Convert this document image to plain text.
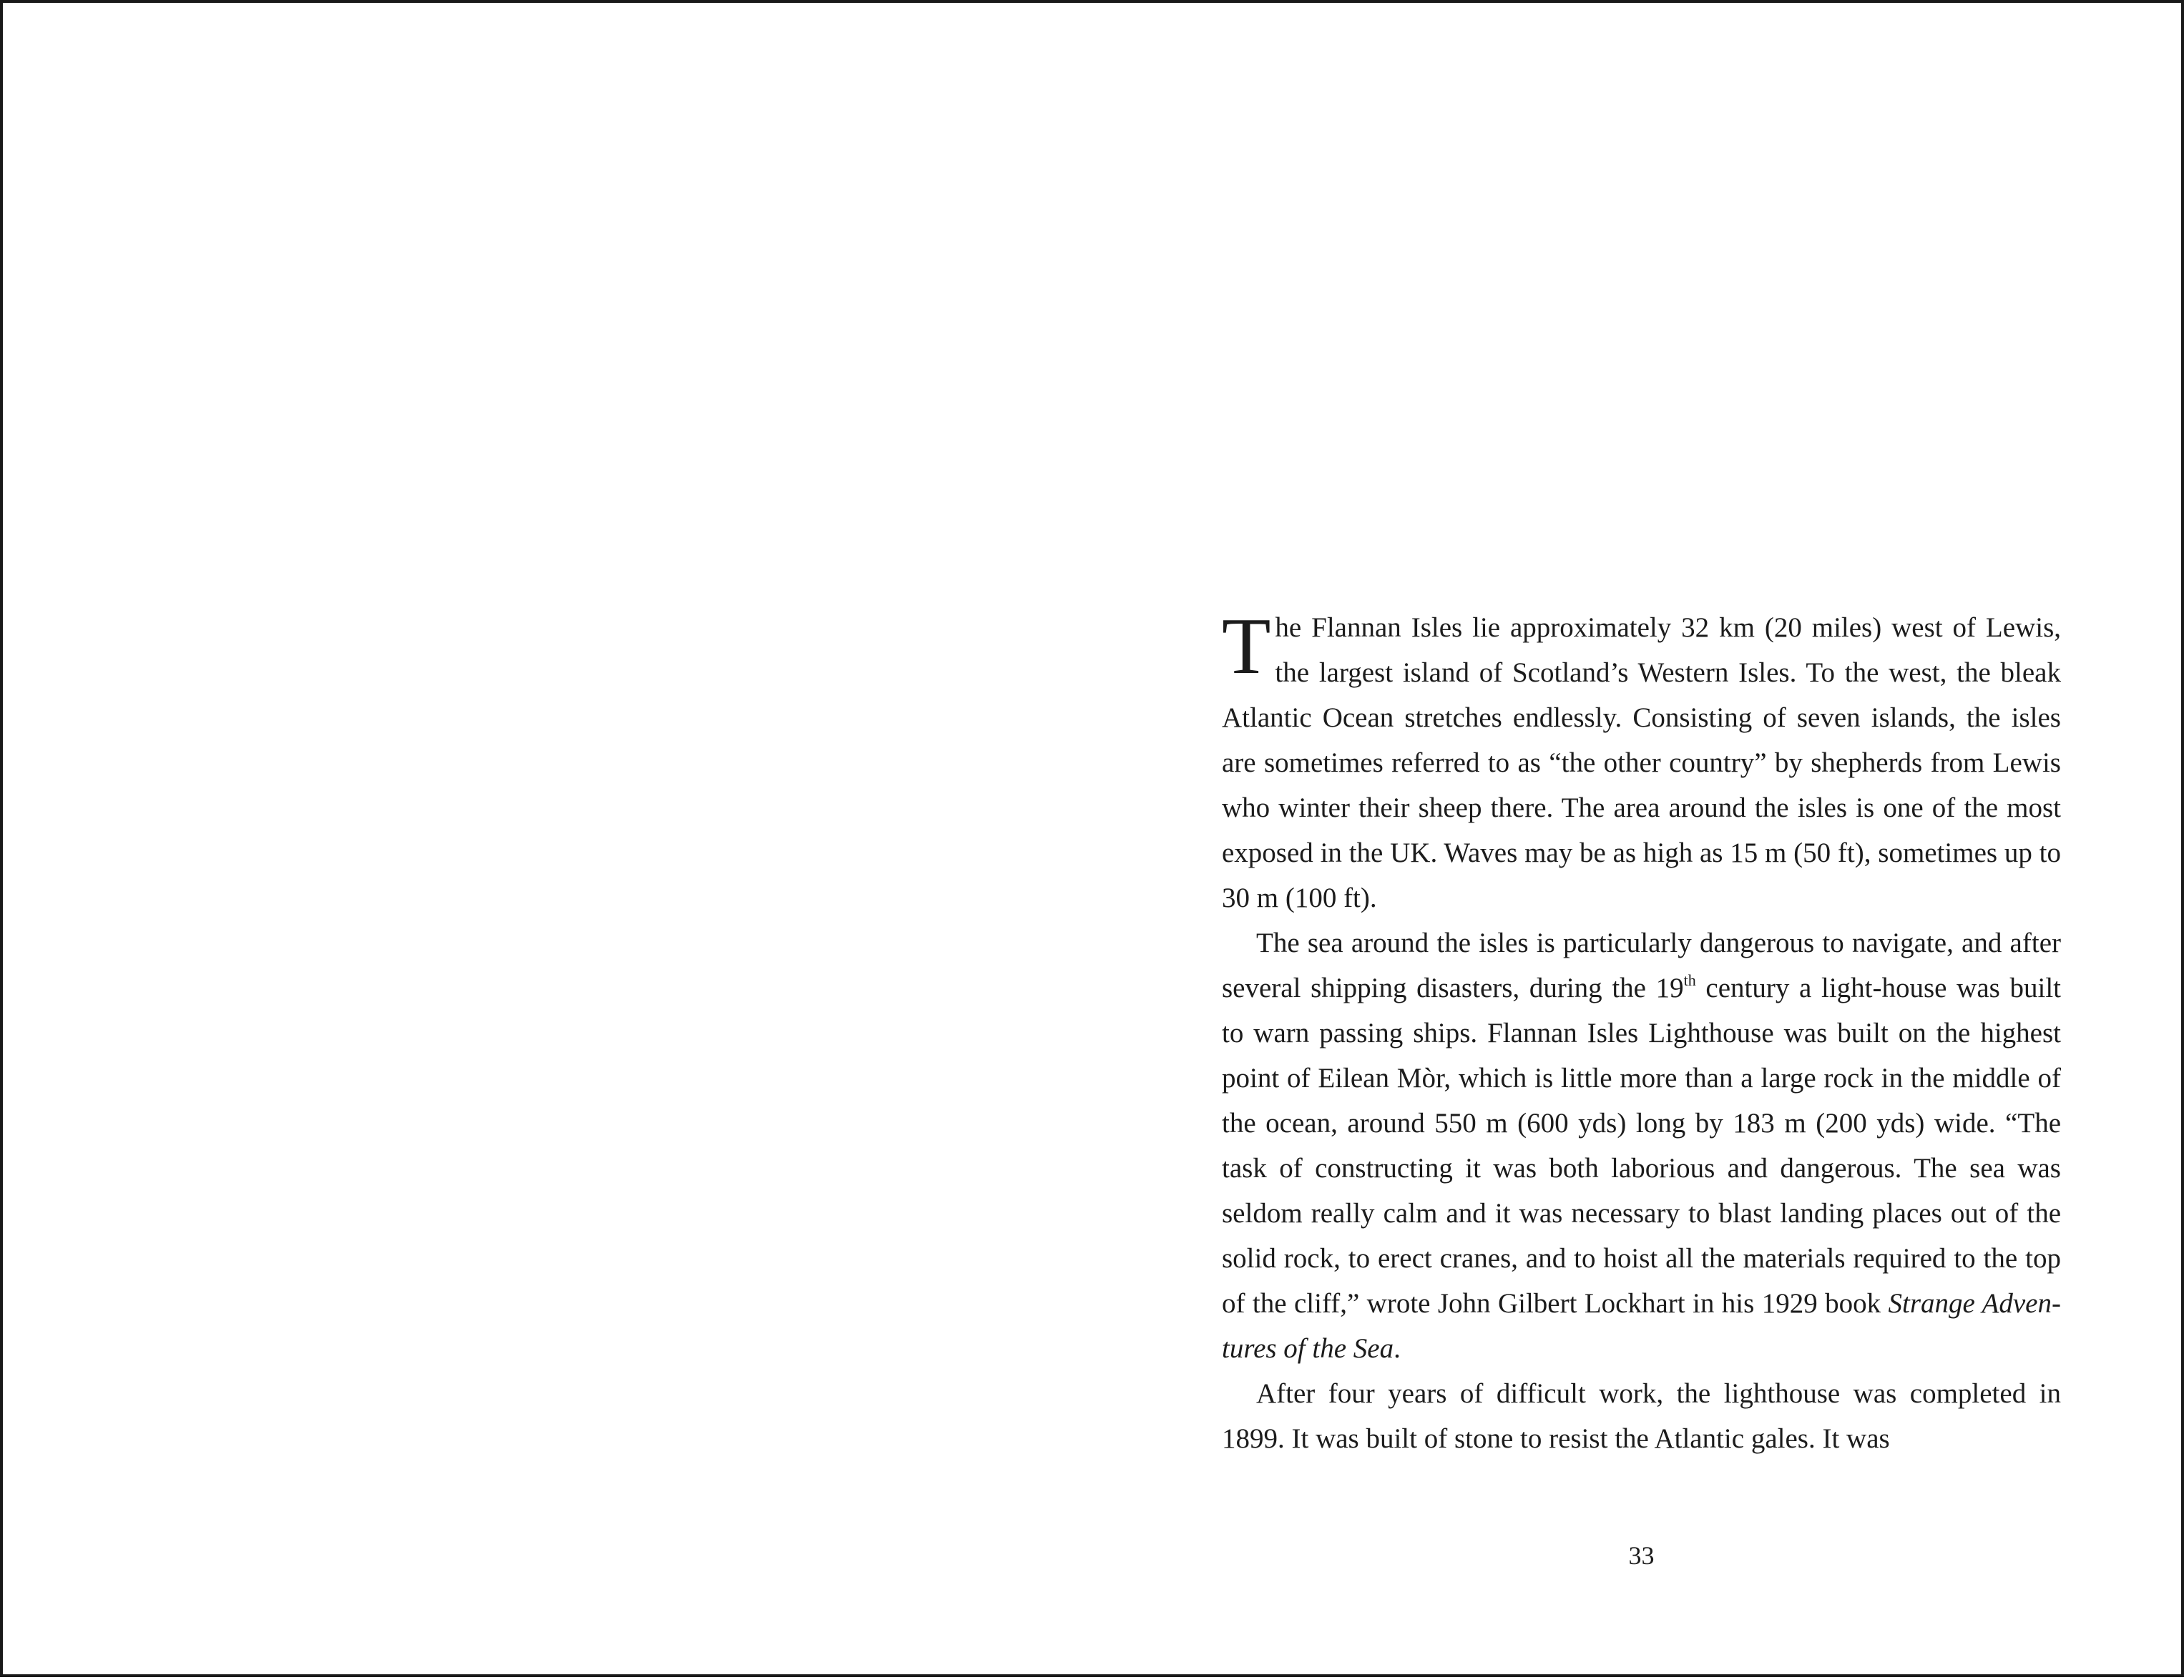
The Flannan Isles lie approximately 32 km (20 miles) west of Lewis, the largest island of Scotland’s Western Isles. To the west, the bleak Atlantic Ocean stretches endlessly. Consisting of seven islands, the isles are sometimes referred to as “the other country” by shepherds from Lewis who winter their sheep there. The area around the isles is one of the most exposed in the UK. Waves may be as high as 15 m (50 ft), sometimes up to 30 m (100 ft).

The sea around the isles is particularly dangerous to navigate, and after several shipping disasters, during the 19th century a light-house was built to warn passing ships. Flannan Isles Lighthouse was built on the highest point of Eilean Mòr, which is little more than a large rock in the middle of the ocean, around 550 m (600 yds) long by 183 m (200 yds) wide. “The task of constructing it was both laborious and dangerous. The sea was seldom really calm and it was necessary to blast landing places out of the solid rock, to erect cranes, and to hoist all the materials required to the top of the cliff,” wrote John Gilbert Lockhart in his 1929 book Strange Adven-tures of the Sea.

After four years of difficult work, the lighthouse was completed in 1899. It was built of stone to resist the Atlantic gales. It was

33
